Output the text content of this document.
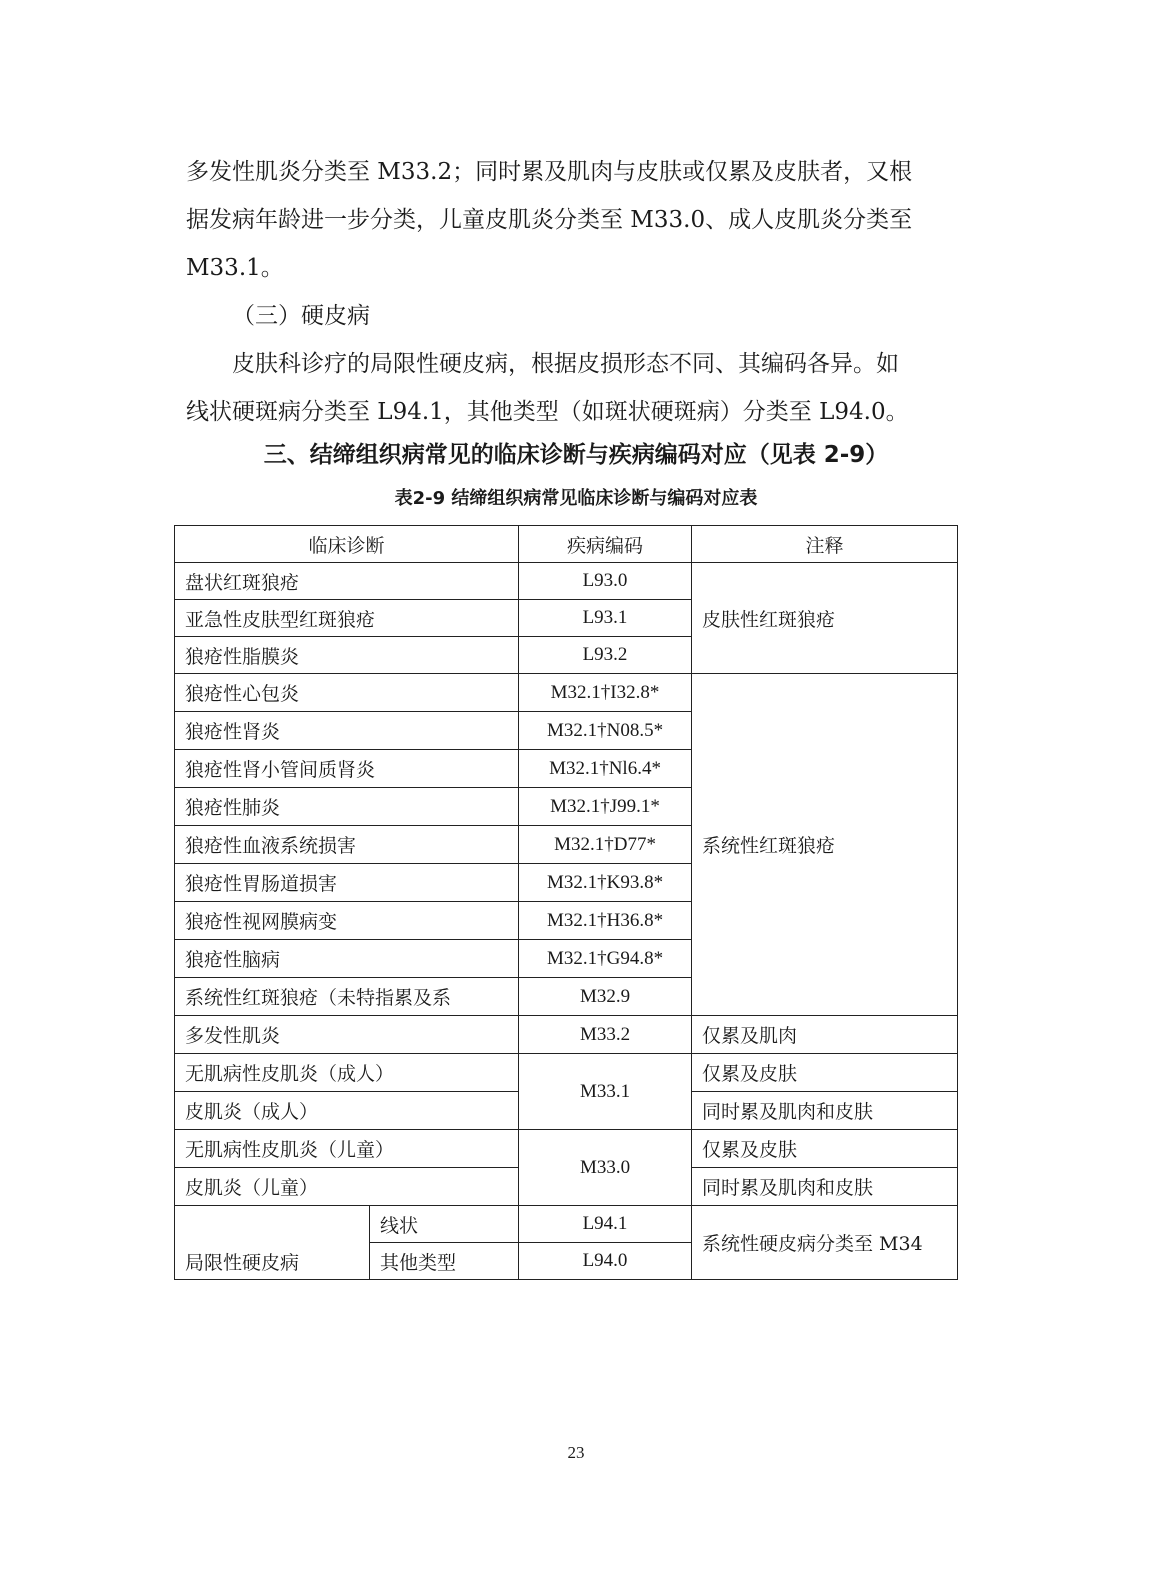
多发性肌炎分类至 M33.2；同时累及肌肉与皮肤或仅累及皮肤者，又根

据发病年龄进一步分类，儿童皮肌炎分类至 M33.0、成人皮肌炎分类至

M33.1。

（三）硬皮病

皮肤科诊疗的局限性硬皮病，根据皮损形态不同、其编码各异。如

线状硬斑病分类至 L94.1，其他类型（如斑状硬斑病）分类至 L94.0。

三、结缔组织病常见的临床诊断与疾病编码对应（见表 2-9）

表2-9 结缔组织病常见临床诊断与编码对应表

临床诊断		疾病编码	注释
盘状红斑狼疮		L93.0	皮肤性红斑狼疮
亚急性皮肤型红斑狼疮		L93.1	
狼疮性脂膜炎		L93.2	
狼疮性心包炎		M32.1†I32.8*	系统性红斑狼疮
狼疮性肾炎		M32.1†N08.5*	
狼疮性肾小管间质肾炎		M32.1†Nl6.4*	
狼疮性肺炎		M32.1†J99.1*	
狼疮性血液系统损害		M32.1†D77*	
狼疮性胃肠道损害		M32.1†K93.8*	
狼疮性视网膜病变		M32.1†H36.8*	
狼疮性脑病		M32.1†G94.8*	
系统性红斑狼疮（未特指累及系		M32.9	
多发性肌炎		M33.2	仅累及肌肉
无肌病性皮肌炎（成人）		M33.1	仅累及皮肤
皮肌炎（成人）			同时累及肌肉和皮肤
无肌病性皮肌炎（儿童）		M33.0	仅累及皮肤
皮肌炎（儿童）			同时累及肌肉和皮肤
局限性硬皮病	线状	L94.1	系统性硬皮病分类至 M34
	其他类型	L94.0	

23
